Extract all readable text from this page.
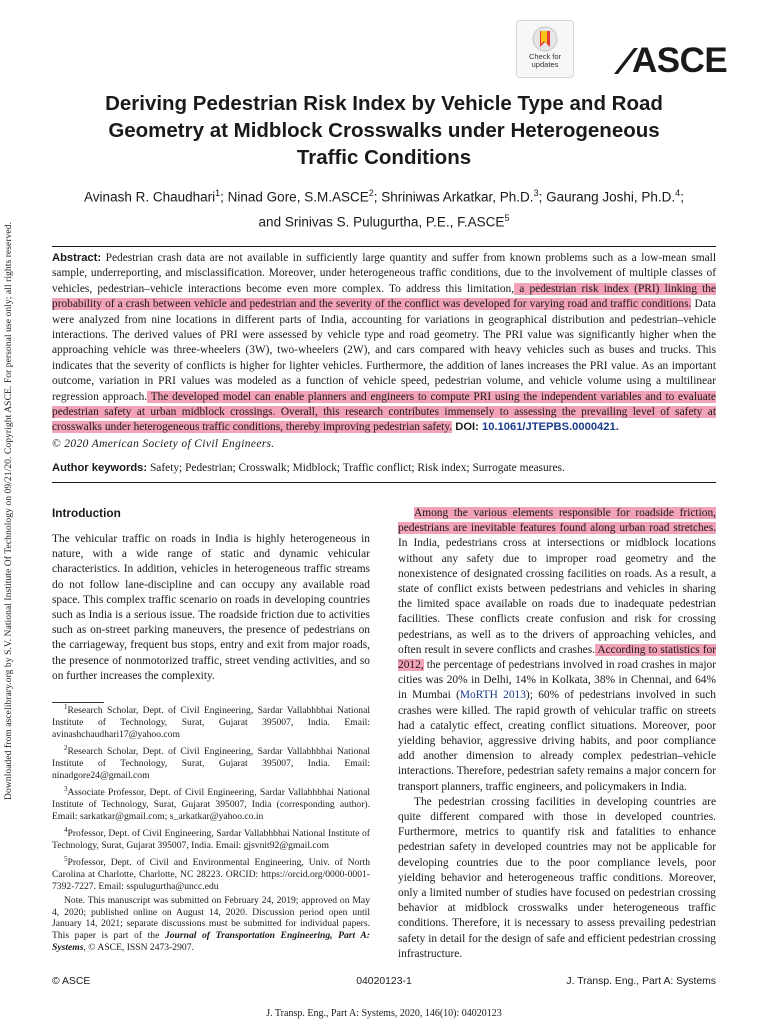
Downloaded from ascelibrary.org by S.V. National Institute Of Technology on 09/21/20. Copyright ASCE. For personal use only; all rights reserved.
Check for
updates	ASCE
Deriving Pedestrian Risk Index by Vehicle Type and Road Geometry at Midblock Crosswalks under Heterogeneous Traffic Conditions
Avinash R. Chaudhari$^1$; Ninad Gore, S.M.ASCE$^2$; Shriniwas Arkatkar, Ph.D.$^3$; Gaurang Joshi, Ph.D.$^4$;
and Srinivas S. Pulugurtha, P.E., F.ASCE$^5$
Abstract: Pedestrian crash data are not available in sufficiently large quantity and suffer from known problems such as a low-mean small sample, underreporting, and misclassification. Moreover, under heterogeneous traffic conditions, due to the involvement of multiple classes of vehicles, pedestrian–vehicle interactions become even more complex. To address this limitation, a pedestrian risk index (PRI) linking the probability of a crash between vehicle and pedestrian and the severity of the conflict was developed for varying road and traffic conditions. Data were analyzed from nine locations in different parts of India, accounting for variations in geographical distribution and pedestrian–vehicle interactions. The derived values of PRI were assessed by vehicle type and road geometry. The PRI value was significantly higher when the approaching vehicle was three-wheelers (3W), two-wheelers (2W), and cars compared with heavy vehicles such as buses and trucks. This indicates that the severity of conflicts is higher for lighter vehicles. Furthermore, the addition of lanes increases the PRI value. As an important outcome, variation in PRI values was modeled as a function of vehicle speed, pedestrian volume, and vehicle volume using a multilinear regression approach. The developed model can enable planners and engineers to compute PRI using the independent variables and to evaluate pedestrian safety at urban midblock crossings. Overall, this research contributes immensely to assessing the prevailing level of safety at crosswalks under heterogeneous traffic conditions, thereby improving pedestrian safety. DOI: 10.1061/JTEPBS.0000421.
© 2020 American Society of Civil Engineers.
Author keywords: Safety; Pedestrian; Crosswalk; Midblock; Traffic conflict; Risk index; Surrogate measures.
Introduction

The vehicular traffic on roads in India is highly heterogeneous in nature, with a wide range of static and dynamic vehicular characteristics. In addition, vehicles in heterogeneous traffic streams do not follow lane-discipline and can occupy any available road space. This complex traffic scenario on roads in developing countries such as India is a serious issue. The roadside friction due to activities such as on-street parking maneuvers, the presence of pedestrians on the carriageway, frequent bus stops, entry and exit from major roads, the presence of nonmotorized traffic, street vending activities, and so on further increases the complexity.

$^1$Research Scholar, Dept. of Civil Engineering, Sardar Vallabhbhai National Institute of Technology, Surat, Gujarat 395007, India. Email: avinashchaudhari17@yahoo.com

$^2$Research Scholar, Dept. of Civil Engineering, Sardar Vallabhbhai National Institute of Technology, Surat, Gujarat 395007, India. Email: ninadgore24@gmail.com

$^3$Associate Professor, Dept. of Civil Engineering, Sardar Vallabhbhai National Institute of Technology, Surat, Gujarat 395007, India (corresponding author). Email: sarkatkar@gmail.com; s_arkatkar@yahoo.co.in

$^4$Professor, Dept. of Civil Engineering, Sardar Vallabhbhai National Institute of Technology, Surat, Gujarat 395007, India. Email: gjsvnit92@gmail.com

$^5$Professor, Dept. of Civil and Environmental Engineering, Univ. of North Carolina at Charlotte, Charlotte, NC 28223. ORCID: https://orcid.org/0000-0001-7392-7227. Email: sspulugurtha@uncc.edu

Note. This manuscript was submitted on February 24, 2019; approved on May 4, 2020; published online on August 14, 2020. Discussion period open until January 14, 2021; separate discussions must be submitted for individual papers. This paper is part of the Journal of Transportation Engineering, Part A: Systems, © ASCE, ISSN 2473-2907.

Among the various elements responsible for roadside friction, pedestrians are inevitable features found along urban road stretches. In India, pedestrians cross at intersections or midblock locations without any safety due to improper road geometry and the nonexistence of designated crossing facilities on roads. As a result, a state of conflict exists between pedestrians and vehicles in sharing the limited space available on roads due to inadequate pedestrian facilities. These conflicts create confusion and risk for crossing pedestrians, as well as to the drivers of approaching vehicles, and often result in severe conflicts and crashes. According to statistics for 2012, the percentage of pedestrians involved in road crashes in major cities was 20% in Delhi, 14% in Kolkata, 38% in Chennai, and 64% in Mumbai (MoRTH 2013); 60% of pedestrians involved in such crashes were killed. The rapid growth of vehicular traffic on streets had a catalytic effect, creating conflict situations. Moreover, poor yielding behavior, aggressive driving habits, and poor compliance add another dimension to already complex pedestrian–vehicle interactions. Therefore, pedestrian safety remains a major concern for transport planners, traffic engineers, and policymakers in India.

The pedestrian crossing facilities in developing countries are quite different compared with those in developed countries. Furthermore, metrics to quantify risk and fatalities to enhance pedestrian safety in developed countries may not be applicable for developing countries due to the poor compliance levels, poor yielding behavior and heterogeneous traffic conditions. Moreover, only a limited number of studies have focused on pedestrian crossing behavior at midblock crosswalks under heterogeneous traffic conditions. Therefore, it is necessary to assess prevailing pedestrian safety in detail for the design of safe and efficient pedestrian crossing infrastructure.

© ASCE	04020123-1	J. Transp. Eng., Part A: Systems
J. Transp. Eng., Part A: Systems, 2020, 146(10): 04020123
